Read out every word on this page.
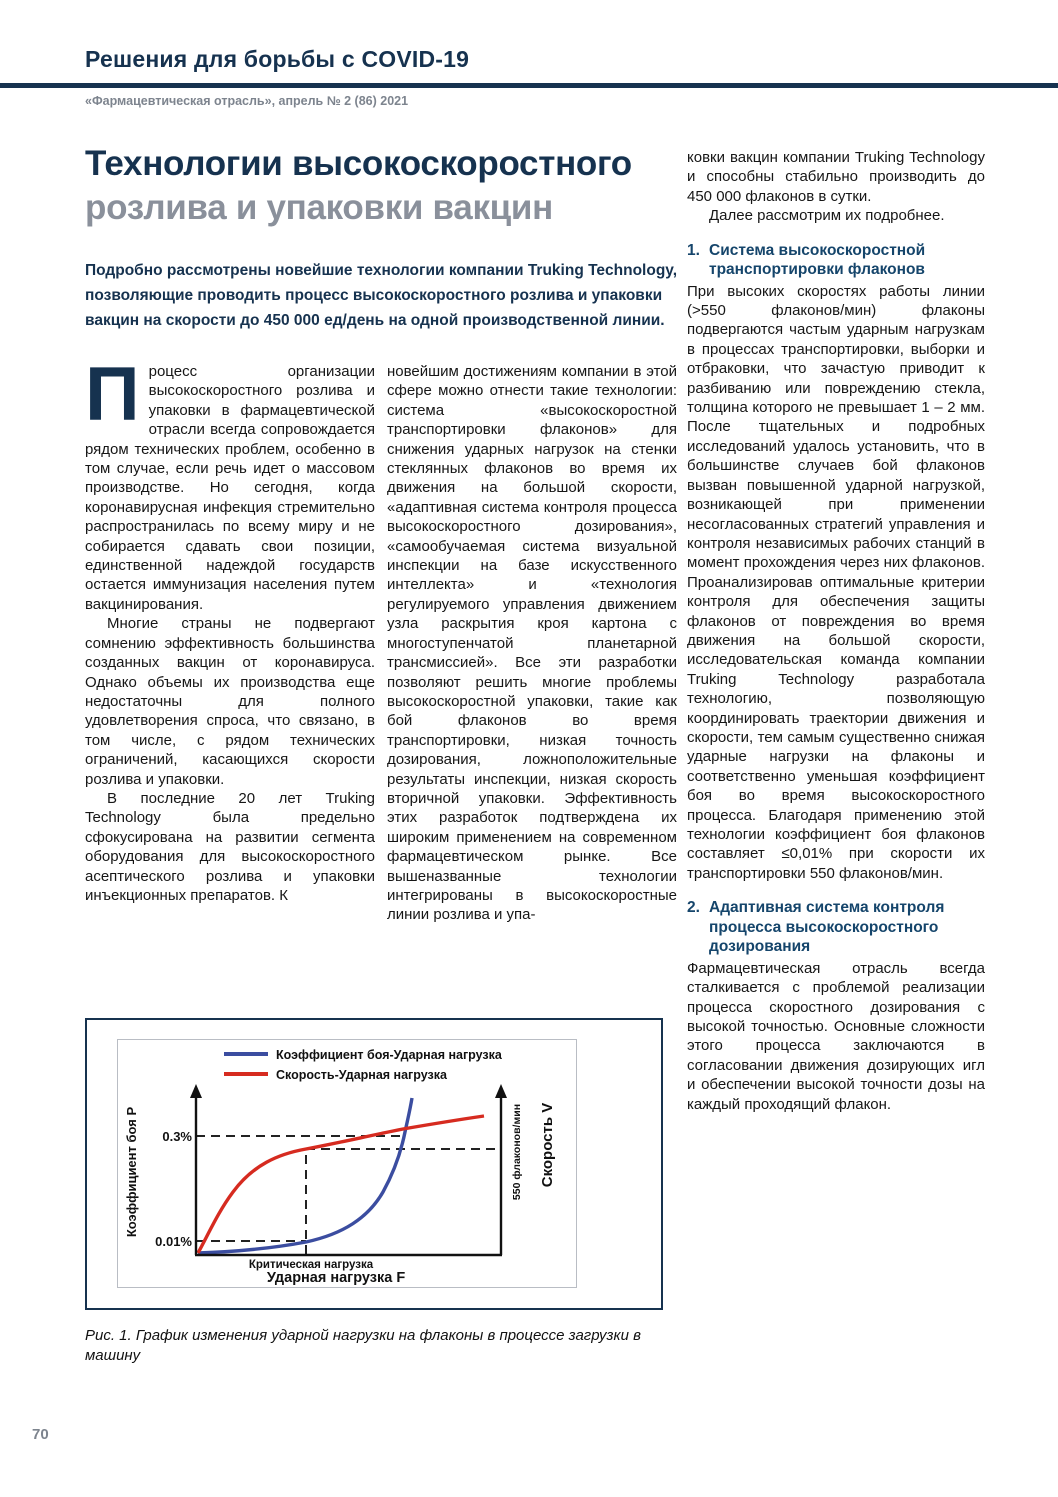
Решения для борьбы с COVID-19
«Фармацевтическая отрасль», апрель № 2 (86) 2021
Технологии высокоскоростного
розлива и упаковки вакцин
Подробно рассмотрены новейшие технологии компании Truking Technology, позволяющие проводить процесс высокоскоростного розлива и упаковки вакцин на скорости до 450 000 ед/день на одной производственной линии.

Процесс организации высокоскоростного розлива и упаковки в фармацевтической отрасли всегда сопровождается рядом технических проблем, особенно в том случае, если речь идет о массовом производстве. Но сегодня, когда коронавирусная инфекция стремительно распространилась по всему миру и не собирается сдавать свои позиции, единственной надеждой государств остается иммунизация населения путем вакцинирования.

Многие страны не подвергают сомнению эффективность большинства созданных вакцин от коронавируса. Однако объемы их производства еще недостаточны для полного удовлетворения спроса, что связано, в том числе, с рядом технических ограничений, касающихся скорости розлива и упаковки.

В последние 20 лет Truking Technology была предельно сфокусирована на развитии сегмента оборудования для высокоскоростного асептического розлива и упаковки инъекционных препаратов. К

новейшим достижениям компании в этой сфере можно отнести такие технологии: система «высокоскоростной транспортировки флаконов» для снижения ударных нагрузок на стенки стеклянных флаконов во время их движения на большой скорости, «адаптивная система контроля процесса высокоскоростного дозирования», «самообучаемая система визуальной инспекции на базе искусственного интеллекта» и «технология регулируемого управления движением узла раскрытия кроя картона с многоступенчатой планетарной трансмиссией». Все эти разработки позволяют решить многие проблемы высокоскоростной упаковки, такие как бой флаконов во время транспортировки, низкая точность дозирования, ложноположительные результаты инспекции, низкая скорость вторичной упаковки. Эффективность этих разработок подтверждена их широким применением на современном фармацевтическом рынке. Все вышеназванные технологии интегрированы в высокоскоростные линии розлива и упа-

ковки вакцин компании Truking Technology и способны стабильно производить до 450 000 флаконов в сутки.

Далее рассмотрим их подробнее.

1. Система высокоскоростной транспортировки флаконов

При высоких скоростях работы линии (>550 флаконов/мин) флаконы подвергаются частым ударным нагрузкам в процессах транспортировки, выборки и отбраковки, что зачастую приводит к разбиванию или повреждению стекла, толщина которого не превышает 1 – 2 мм. После тщательных и подробных исследований удалось установить, что в большинстве случаев бой флаконов вызван повышенной ударной нагрузкой, возникающей при применении несогласованных стратегий управления и контроля независимых рабочих станций в момент прохождения через них флаконов. Проанализировав оптимальные критерии контроля для обеспечения защиты флаконов от повреждения во время движения на большой скорости, исследовательская команда компании Truking Technology разработала технологию, позволяющую координировать траектории движения и скорости, тем самым существенно снижая ударные нагрузки на флаконы и соответственно уменьшая коэффициент боя во время высокоскоростного процесса. Благодаря применению этой технологии коэффициент боя флаконов составляет ≤0,01% при скорости их транспортировки 550 флаконов/мин.

2. Адаптивная система контроля процесса высокоскоростного дозирования

Фармацевтическая отрасль всегда сталкивается с проблемой реализации процесса скоростного дозирования с высокой точностью. Основные сложности этого процесса заключаются в согласовании движения дозирующих игл и обеспечении высокой точности дозы на каждый проходящий флакон.

Коэффициент боя-Ударная нагрузка
Скорость-Ударная нагрузка
0.3%
0.01%
Коэффициент боя P	550 флаконов/мин Скорость V
Критическая нагрузка
Ударная нагрузка F
Рис. 1. График изменения ударной нагрузки на флаконы в процессе загрузки в машину
70
